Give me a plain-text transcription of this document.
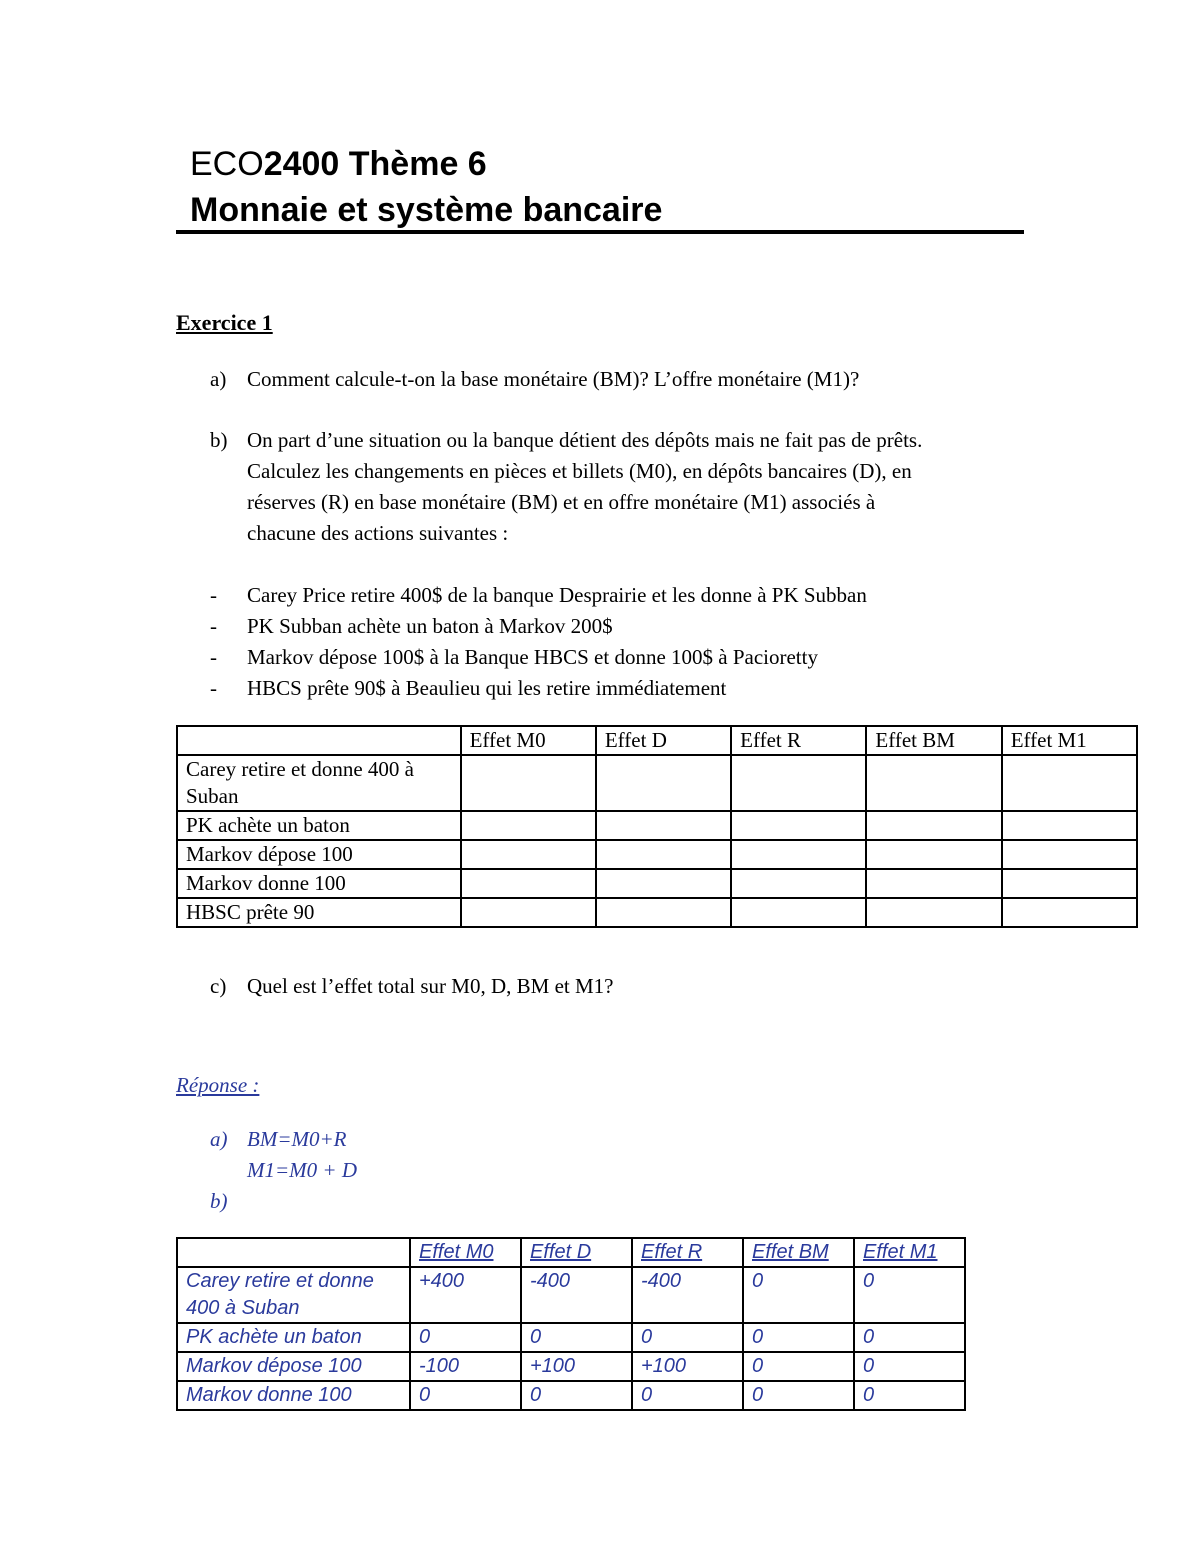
ECO2400 Thème 6
Monnaie et système bancaire
Exercice 1
a) Comment calcule-t-on la base monétaire (BM)? L’offre monétaire (M1)?
b) On part d’une situation ou la banque détient des dépôts mais ne fait pas de prêts.
Calculez les changements en pièces et billets (M0), en dépôts bancaires (D), en
réserves (R) en base monétaire (BM) et en offre monétaire (M1) associés à
chacune des actions suivantes :
- Carey Price retire 400$ de la banque Desprairie et les donne à PK Subban
- PK Subban achète un baton à Markov 200$
- Markov dépose 100$ à la Banque HBCS et donne 100$ à Pacioretty
- HBCS prête 90$ à Beaulieu qui les retire immédiatement
	Effet M0	Effet D	Effet R	Effet BM	Effet M1
Carey retire et donne 400 à Suban					
PK achète un baton					
Markov dépose 100					
Markov donne 100					
HBSC prête 90					
c) Quel est l’effet total sur M0, D, BM et M1?
Réponse :
a) BM=M0+R
M1=M0 + D
b)
	Effet M0	Effet D	Effet R	Effet BM	Effet M1
Carey retire et donne 400 à Suban	+400	-400	-400	0	0
PK achète un baton	0	0	0	0	0
Markov dépose 100	-100	+100	+100	0	0
Markov donne 100	0	0	0	0	0
